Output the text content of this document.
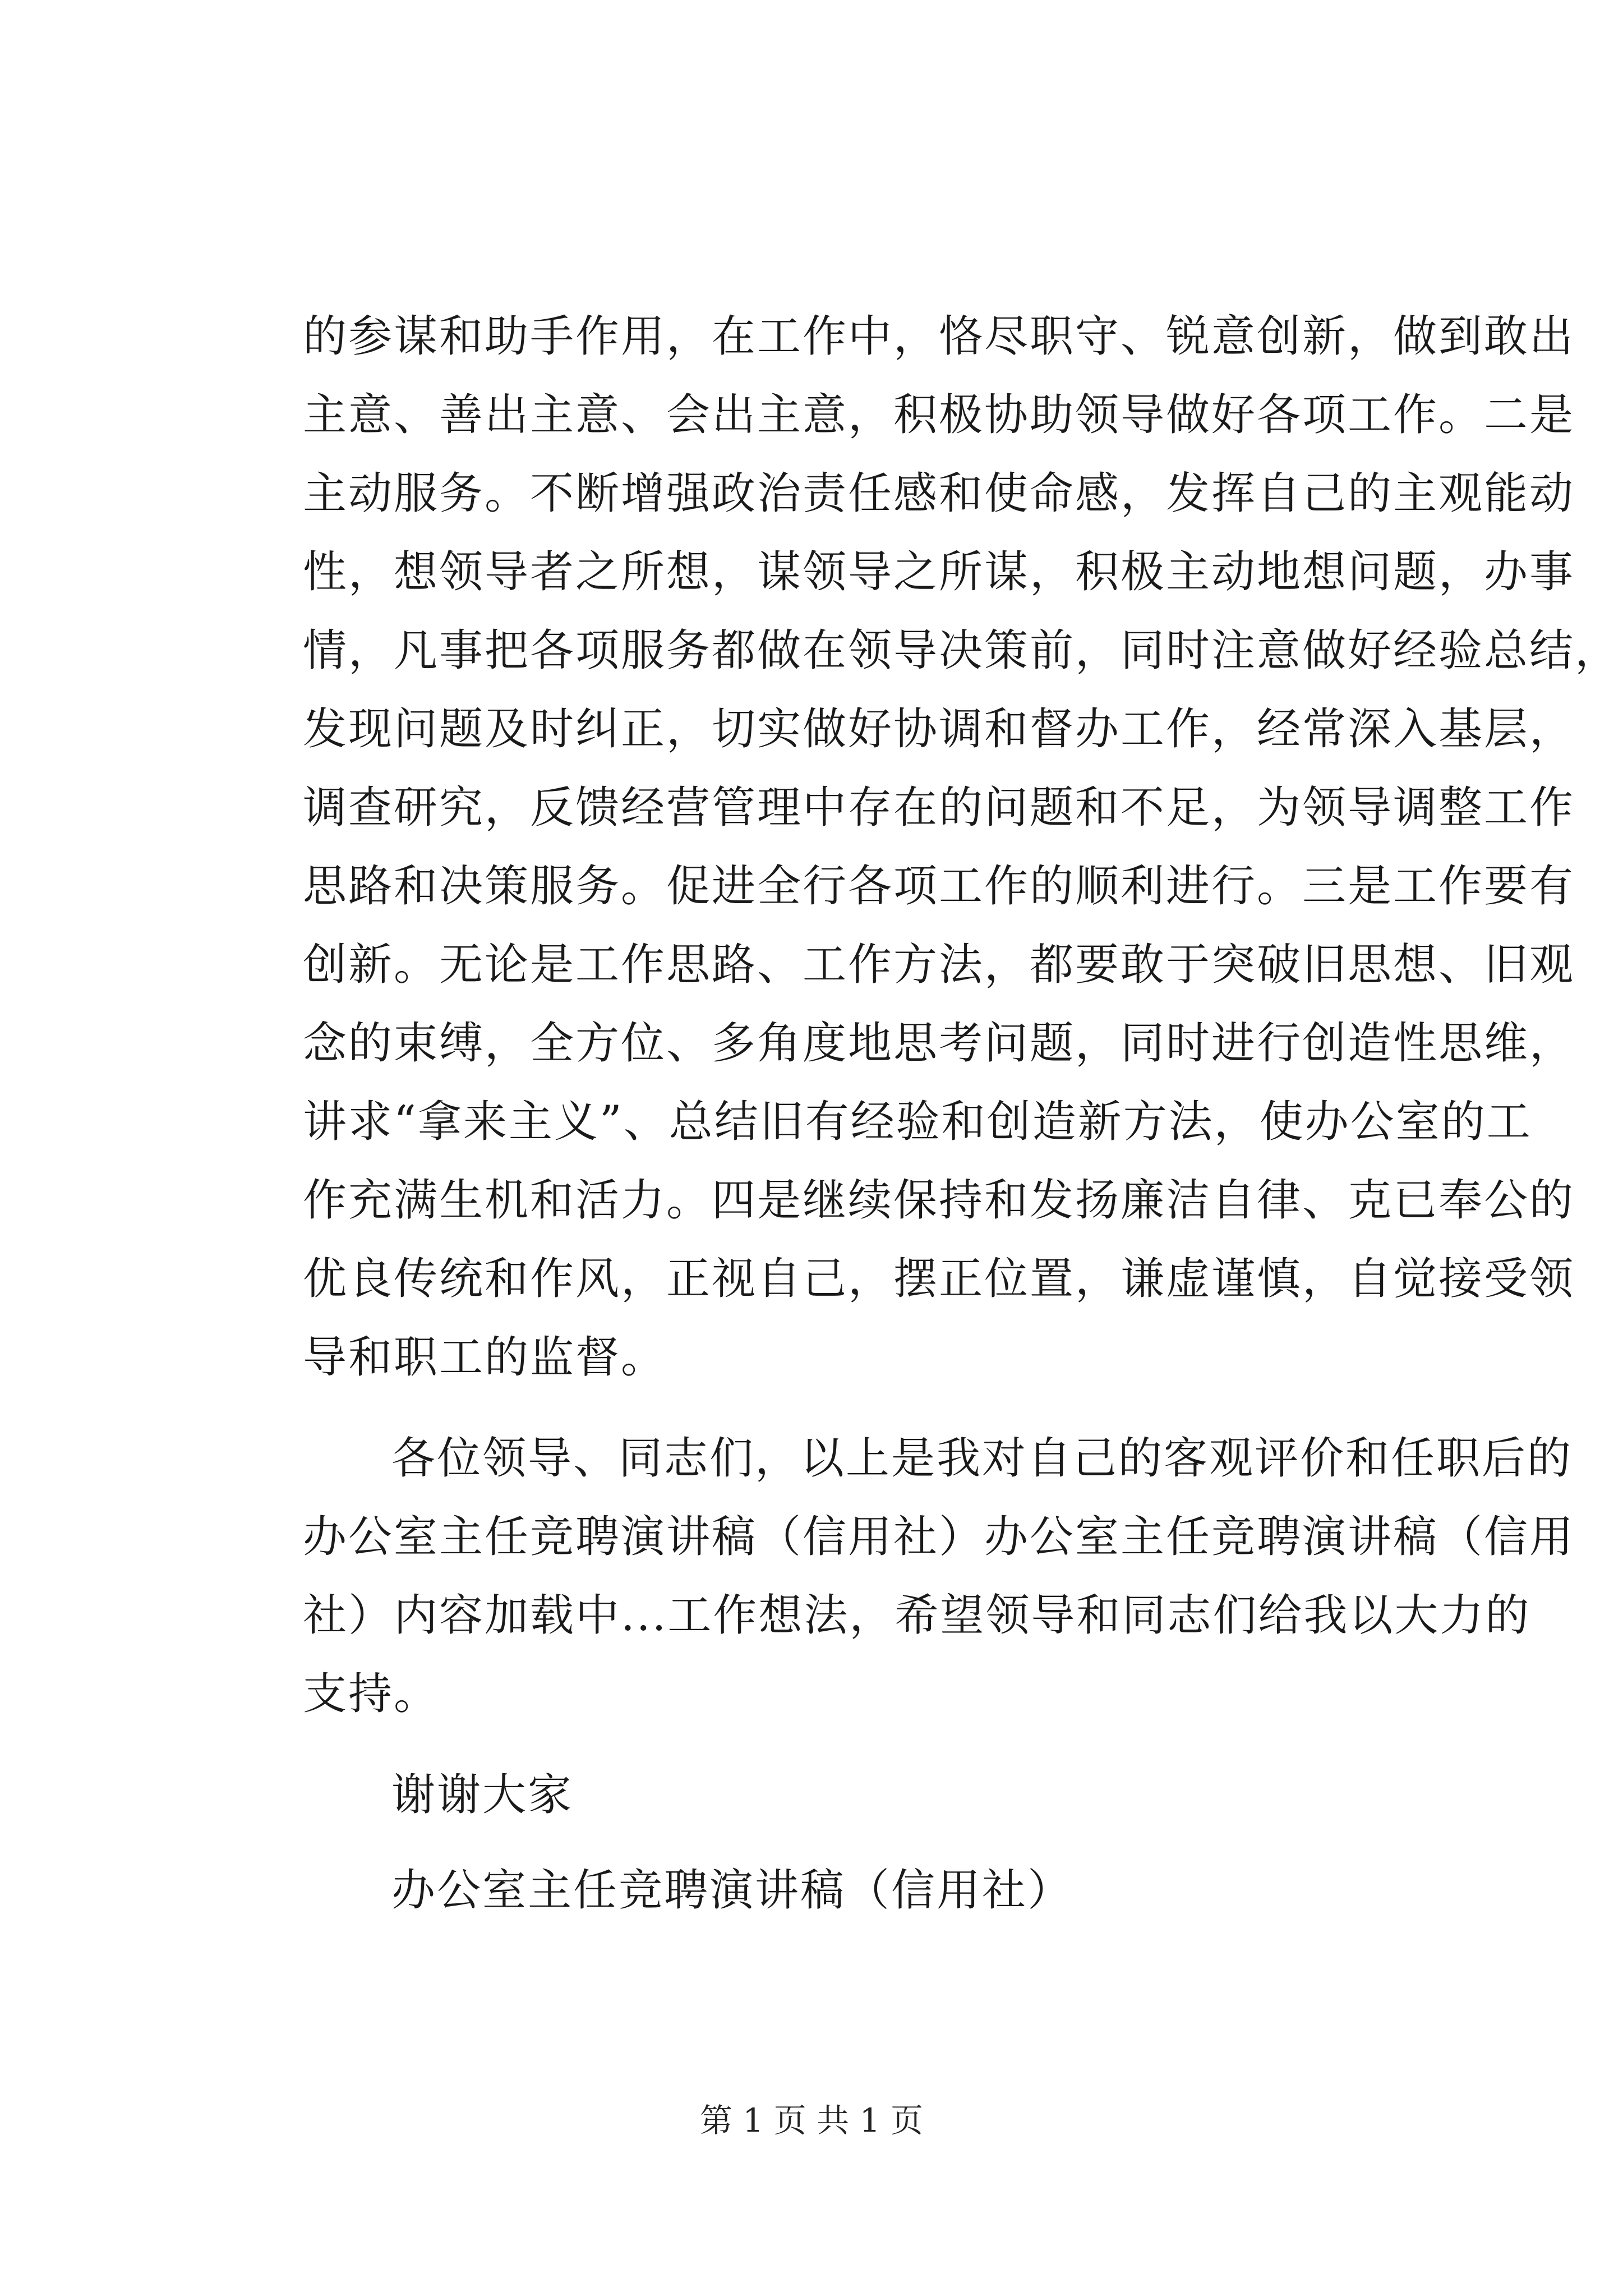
的参谋和助手作用，在工作中，恪尽职守、锐意创新，做到敢出
主意、善出主意、会出主意，积极协助领导做好各项工作。二是
主动服务。不断增强政治责任感和使命感，发挥自己的主观能动
性，想领导者之所想，谋领导之所谋，积极主动地想问题，办事
情，凡事把各项服务都做在领导决策前，同时注意做好经验总结，
发现问题及时纠正，切实做好协调和督办工作，经常深入基层，
调查研究，反馈经营管理中存在的问题和不足，为领导调整工作
思路和决策服务。促进全行各项工作的顺利进行。三是工作要有
创新。无论是工作思路、工作方法，都要敢于突破旧思想、旧观
念的束缚，全方位、多角度地思考问题，同时进行创造性思维，
讲求“拿来主义”、总结旧有经验和创造新方法，使办公室的工
作充满生机和活力。四是继续保持和发扬廉洁自律、克已奉公的
优良传统和作风，正视自己，摆正位置，谦虚谨慎，自觉接受领
导和职工的监督。
各位领导、同志们，以上是我对自己的客观评价和任职后的
办公室主任竞聘演讲稿（信用社）办公室主任竞聘演讲稿（信用
社）内容加载中...工作想法，希望领导和同志们给我以大力的
支持。
谢谢大家
办公室主任竞聘演讲稿（信用社）
第 1 页 共 1 页
